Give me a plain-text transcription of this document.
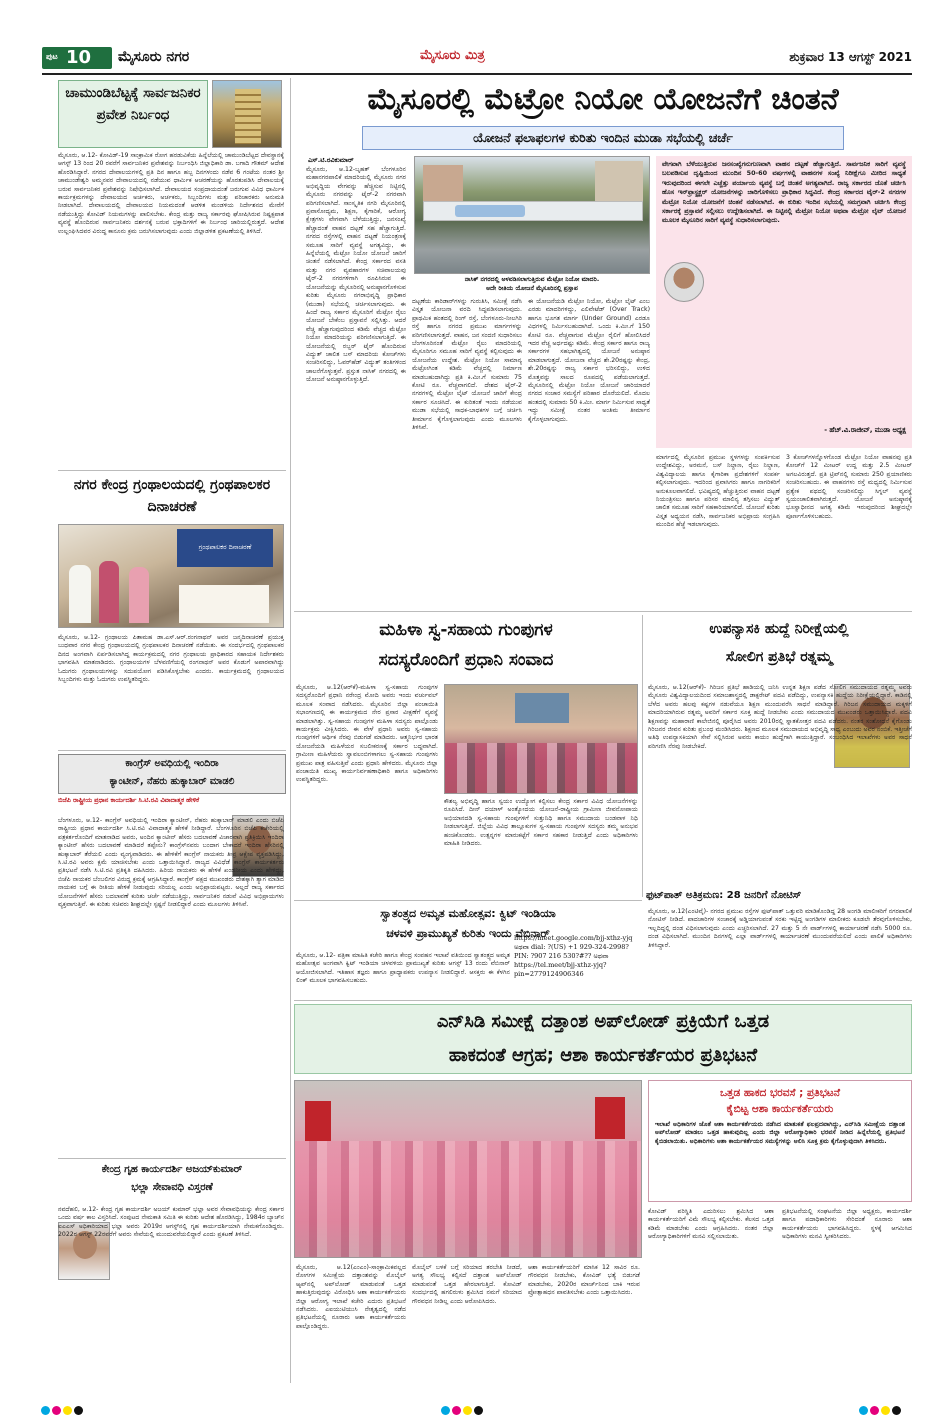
ಪುಟ 10 ಮೈಸೂರು ನಗರ	ಮೈಸೂರು ಮಿತ್ರ	ಶುಕ್ರವಾರ 13 ಆಗಸ್ಟ್ 2021
ಚಾಮುಂಡಿಬೆಟ್ಟಕ್ಕೆ ಸಾರ್ವಜನಿಕರ ಪ್ರವೇಶ ನಿರ್ಬಂಧ
ಮೈಸೂರು, ಆ.12- ಕೋವಿಡ್-19 ಸಾಂಕ್ರಾಮಿಕ ರೋಗ ಹರಡುವಿಕೆಯ ಹಿನ್ನೆಲೆಯಲ್ಲಿ ಚಾಮುಂಡಿಬೆಟ್ಟದ ದೇವಸ್ಥಾನಕ್ಕೆ ಆಗಸ್ಟ್ 13 ರಿಂದ 20 ರವರೆಗೆ ಸಾರ್ವಜನಿಕರ ಪ್ರವೇಶವನ್ನು ನಿರ್ಬಂಧಿಸಿ ಜಿಲ್ಲಾಧಿಕಾರಿ ಡಾ. ಬಗಾದಿ ಗೌತಮ್ ಆದೇಶ ಹೊರಡಿಸಿದ್ದಾರೆ. ನಗರದ ದೇವಾಲಯಗಳಲ್ಲಿ ಪ್ರತಿ ದಿನ ಹಾಗೂ ಹಬ್ಬ ದಿನಗಳಂದು ನಡೆವ 6 ಗಂಟೆಯ ನಂತರ ಶ್ರೀ ಚಾಮುಂಡೇಶ್ವರಿ ಅಮ್ಮನವರ ದೇವಾಲಯದಲ್ಲಿ ನಡೆಯುವ ಧಾರ್ಮಿಕ ಆಚರಣೆಯನ್ನು ಹೊರತುಪಡಿಸಿ ದೇವಾಲಯಕ್ಕೆ ಬರುವ ಸಾರ್ವಜನಿಕರ ಪ್ರವೇಶವನ್ನು ನಿಷೇಧಿಸಲಾಗಿದೆ. ದೇವಾಲಯದ ಸಂಪ್ರದಾಯದಂತೆ ಜರುಗುವ ವಿವಿಧ ಧಾರ್ಮಿಕ ಕಾರ್ಯಕ್ರಮಗಳನ್ನು ದೇವಾಲಯದ ಅರ್ಚಕರು, ಅರ್ಚಕರು, ಸಿಬ್ಬಂದಿಗಳು ಮತ್ತು ಪರಿಚಾರಕರು ಅನುಮತಿ ನೀಡಲಾಗಿದೆ. ದೇವಾಲಯದಲ್ಲಿ ದೇವಾಲಯದ ನಿಯಮದಂತೆ ಆಡಳಿತ ಮಂಡಳಿಯ ನಿರ್ದೇಶನದ ಮೇರೆಗೆ ನಡೆಯುತ್ತಿದ್ದು ಕೋವಿಡ್ ನಿಯಮಗಳನ್ನು ಪಾಲಿಸಬೇಕು. ಕೇಂದ್ರ ಮತ್ತು ರಾಜ್ಯ ಸರ್ಕಾರವು ಘೋಷಿಸಿರುವ ನಿಷ್ಪಕ್ಷಪಾತ ವ್ಯವಸ್ಥೆ ಹೊಂದಿರುವ ಸಾರ್ವಜನಿಕರು ದರ್ಶನಕ್ಕೆ ಬರುವ ಭಕ್ತಾದಿಗಳಿಗೆ ಈ ನಿರ್ಬಂಧ ಜಾರಿಯಲ್ಲಿರುತ್ತದೆ. ಆದೇಶ ಉಲ್ಲಂಘಿಸಿದವರ ವಿರುದ್ಧ ಕಾನೂನು ಕ್ರಮ ಜರುಗಿಸಲಾಗುವುದು ಎಂದು ಜಿಲ್ಲಾಡಳಿತ ಪ್ರಕಟಣೆಯಲ್ಲಿ ತಿಳಿಸಿದೆ.
ನಗರ ಕೇಂದ್ರ ಗ್ರಂಥಾಲಯದಲ್ಲಿ ಗ್ರಂಥಪಾಲಕರ ದಿನಾಚರಣೆ
ಗ್ರಂಥಪಾಲಕರ ದಿನಾಚರಣೆ
ಮೈಸೂರು, ಆ.12- ಗ್ರಂಥಾಲಯ ಪಿತಾಮಹ ಡಾ.ಎಸ್.ಆರ್.ರಂಗನಾಥನ್ ಅವರ ಜನ್ಮದಿನಾಚರಣೆ ಪ್ರಯುಕ್ತ ಬುಧವಾರ ನಗರ ಕೇಂದ್ರ ಗ್ರಂಥಾಲಯದಲ್ಲಿ ಗ್ರಂಥಪಾಲಕರ ದಿನಾಚರಣೆ ನಡೆಯಿತು. ಈ ಸಂದರ್ಭದಲ್ಲಿ ಗ್ರಂಥಪಾಲಕರ ದಿನದ ಅಂಗವಾಗಿ ಏರ್ಪಡಿಸಲಾಗಿದ್ದ ಕಾರ್ಯಕ್ರಮದಲ್ಲಿ ನಗರ ಗ್ರಂಥಾಲಯ ಪ್ರಾಧಿಕಾರದ ಸಹಾಯಕ ನಿರ್ದೇಶಕರು ಭಾಗವಹಿಸಿ ಮಾತನಾಡಿದರು. ಗ್ರಂಥಾಲಯಗಳ ಬೆಳವಣಿಗೆಯಲ್ಲಿ ರಂಗನಾಥನ್ ಅವರ ಕೊಡುಗೆ ಅಪಾರವಾಗಿದ್ದು ಓದುಗರು ಗ್ರಂಥಾಲಯಗಳನ್ನು ಸದುಪಯೋಗ ಪಡಿಸಿಕೊಳ್ಳಬೇಕು ಎಂದರು. ಕಾರ್ಯಕ್ರಮದಲ್ಲಿ ಗ್ರಂಥಾಲಯದ ಸಿಬ್ಬಂದಿಗಳು ಮತ್ತು ಓದುಗರು ಉಪಸ್ಥಿತರಿದ್ದರು.
ಕಾಂಗ್ರೆಸ್ ಅವಧಿಯಲ್ಲಿ ಇಂದಿರಾ
ಕ್ಯಾಂಟೀನ್, ನೆಹರು ಹುಕ್ಕಾಬಾರ್ ಮಾಡಲಿ
ಬಿಜೆಪಿ ರಾಷ್ಟ್ರೀಯ ಪ್ರಧಾನ ಕಾರ್ಯದರ್ಶಿ ಸಿ.ಟಿ.ರವಿ ವಿವಾದಾತ್ಮಕ ಹೇಳಿಕೆ
ಬೆಂಗಳೂರು, ಆ.12- ಕಾಂಗ್ರೆಸ್ ಅವಧಿಯಲ್ಲಿ ಇಂದಿರಾ ಕ್ಯಾಂಟೀನ್, ನೆಹರು ಹುಕ್ಕಾಬಾರ್ ಮಾಡಲಿ ಎಂದು ಬಿಜೆಪಿ ರಾಷ್ಟ್ರೀಯ ಪ್ರಧಾನ ಕಾರ್ಯದರ್ಶಿ ಸಿ.ಟಿ.ರವಿ ವಿವಾದಾತ್ಮಕ ಹೇಳಿಕೆ ನೀಡಿದ್ದಾರೆ. ಬೆಂಗಳೂರಿನ ಬಿಜೆಪಿ ಕಚೇರಿಯಲ್ಲಿ ಪತ್ರಕರ್ತರೊಂದಿಗೆ ಮಾತನಾಡಿದ ಅವರು, ಅಂದಿನ ಕ್ಯಾಂಟೀನ್ ಹೆಸರು ಬದಲಾವಣೆ ವಿಚಾರವಾಗಿ ಪ್ರತಿಕ್ರಿಯಿಸಿ ಇಂದಿರಾ ಕ್ಯಾಂಟೀನ್ ಹೆಸರು ಬದಲಾವಣೆ ಮಾಡಿದರೆ ತಪ್ಪೇನು? ಕಾಂಗ್ರೆಸ್‌ನವರು ಬಂದಾಗ ಬೇಕಾದರೆ ಇಂದಿರಾ ಹೆಸರಿನಲ್ಲಿ ಹುಕ್ಕಾಬಾರ್ ತೆರೆಯಲಿ ಎಂದು ವ್ಯಂಗ್ಯವಾಡಿದರು. ಈ ಹೇಳಿಕೆಗೆ ಕಾಂಗ್ರೆಸ್ ನಾಯಕರು ತೀವ್ರ ಆಕ್ಷೇಪ ವ್ಯಕ್ತಪಡಿಸಿದ್ದು, ಸಿ.ಟಿ.ರವಿ ಅವರು ಕ್ಷಮೆ ಯಾಚಿಸಬೇಕು ಎಂದು ಒತ್ತಾಯಿಸಿದ್ದಾರೆ. ರಾಜ್ಯದ ವಿವಿಧೆಡೆ ಕಾಂಗ್ರೆಸ್ ಕಾರ್ಯಕರ್ತರು ಪ್ರತಿಭಟನೆ ನಡೆಸಿ ಸಿ.ಟಿ.ರವಿ ಪ್ರತಿಕೃತಿ ದಹಿಸಿದರು. ಹಿರಿಯ ನಾಯಕರು ಈ ಹೇಳಿಕೆ ಖಂಡನೀಯ ಎಂದು ಹೇಳಿದ್ದು, ಬಿಜೆಪಿ ನಾಯಕರ ಬೆಂಬಲಿಗರ ವಿರುದ್ಧ ಕ್ರಮಕ್ಕೆ ಆಗ್ರಹಿಸಿದ್ದಾರೆ. ಕಾಂಗ್ರೆಸ್ ಪಕ್ಷದ ಮುಖಂಡರು ದೇಶಕ್ಕಾಗಿ ತ್ಯಾಗ ಮಾಡಿದ ನಾಯಕರ ಬಗ್ಗೆ ಈ ರೀತಿಯ ಹೇಳಿಕೆ ನೀಡುವುದು ಸರಿಯಲ್ಲ ಎಂದು ಅಭಿಪ್ರಾಯಪಟ್ಟರು. ಅಲ್ಲದೆ ರಾಜ್ಯ ಸರ್ಕಾರದ ಯೋಜನೆಗಳಿಗೆ ಹೆಸರು ಬದಲಾವಣೆ ಕುರಿತು ಚರ್ಚೆ ನಡೆಯುತ್ತಿದ್ದು, ಸಾರ್ವಜನಿಕರ ನಡುವೆ ವಿವಿಧ ಅಭಿಪ್ರಾಯಗಳು ವ್ಯಕ್ತವಾಗುತ್ತಿವೆ. ಈ ಕುರಿತು ಸಚಿವರು ಶೀಘ್ರದಲ್ಲೇ ಸ್ಪಷ್ಟನೆ ನೀಡಲಿದ್ದಾರೆ ಎಂದು ಮೂಲಗಳು ತಿಳಿಸಿವೆ.
ಕೇಂದ್ರ ಗೃಹ ಕಾರ್ಯದರ್ಶಿ ಅಜಯ್‌ಕುಮಾರ್
ಭಲ್ಲಾ ಸೇವಾವಧಿ ವಿಸ್ತರಣೆ
ನವದೆಹಲಿ, ಆ.12- ಕೇಂದ್ರ ಗೃಹ ಕಾರ್ಯದರ್ಶಿ ಅಜಯ್ ಕುಮಾರ್ ಭಲ್ಲಾ ಅವರ ಸೇವಾವಧಿಯನ್ನು ಕೇಂದ್ರ ಸರ್ಕಾರ ಒಂದು ವರ್ಷ ಕಾಲ ವಿಸ್ತರಿಸಿದೆ. ಸಂಪುಟದ ನೇಮಕಾತಿ ಸಮಿತಿ ಈ ಕುರಿತು ಆದೇಶ ಹೊರಡಿಸಿದ್ದು, 1984ರ ಬ್ಯಾಚ್‌ನ ಐಎಎಸ್ ಅಧಿಕಾರಿಯಾದ ಭಲ್ಲಾ ಅವರು 2019ರ ಆಗಸ್ಟ್‌ನಲ್ಲಿ ಗೃಹ ಕಾರ್ಯದರ್ಶಿಯಾಗಿ ನೇಮಕಗೊಂಡಿದ್ದರು. 2022ರ ಆಗಸ್ಟ್ 22ರವರೆಗೆ ಅವರು ಸೇವೆಯಲ್ಲಿ ಮುಂದುವರೆಯಲಿದ್ದಾರೆ ಎಂದು ಪ್ರಕಟಣೆ ತಿಳಿಸಿದೆ.
ಮೈಸೂರಲ್ಲಿ ಮೆಟ್ರೋ ನಿಯೋ ಯೋಜನೆಗೆ ಚಿಂತನೆ
ಯೋಜನೆ ಫಲಾಫಲಗಳ ಕುರಿತು ಇಂದಿನ ಮುಡಾ ಸಭೆಯಲ್ಲಿ ಚರ್ಚೆ
ಎಸ್.ಟಿ.ರವಿಕುಮಾರ್
ಮೈಸೂರು, ಆ.12-ಬೃಹತ್ ಬೆಂಗಳೂರಿನ ಮಹಾನಗರಪಾಲಿಕೆ ಮಾದರಿಯಲ್ಲಿ ಮೈಸೂರು ನಗರ ಅಭಿವೃದ್ಧಿಯ ವೇಗವನ್ನು ಹೆಚ್ಚಿಸುವ ನಿಟ್ಟಿನಲ್ಲಿ ಮೈಸೂರು ನಗರವನ್ನು ಟೈರ್-2 ನಗರವಾಗಿ ಪರಿಗಣಿಸಲಾಗಿದೆ. ಸಾಂಸ್ಕೃತಿಕ ನಗರಿ ಮೈಸೂರಿನಲ್ಲಿ ಪ್ರವಾಸೋದ್ಯಮ, ಶಿಕ್ಷಣ, ಕೈಗಾರಿಕೆ, ಆರೋಗ್ಯ ಕ್ಷೇತ್ರಗಳು ವೇಗವಾಗಿ ಬೆಳೆಯುತ್ತಿದ್ದು, ಜನಸಂಖ್ಯೆ ಹೆಚ್ಚಾದಂತೆ ವಾಹನ ದಟ್ಟಣೆ ಸಹ ಹೆಚ್ಚಾಗುತ್ತಿದೆ. ನಗರದ ರಸ್ತೆಗಳಲ್ಲಿ ವಾಹನ ದಟ್ಟಣೆ ನಿಯಂತ್ರಣಕ್ಕೆ ಸಮೂಹ ಸಾರಿಗೆ ವ್ಯವಸ್ಥೆ ಅಗತ್ಯವಿದ್ದು, ಈ ಹಿನ್ನೆಲೆಯಲ್ಲಿ ಮೆಟ್ರೋ ನಿಯೋ ಯೋಜನೆ ಜಾರಿಗೆ ಚಿಂತನೆ ನಡೆಸಲಾಗಿದೆ. ಕೇಂದ್ರ ಸರ್ಕಾರದ ವಸತಿ ಮತ್ತು ನಗರ ವ್ಯವಹಾರಗಳ ಸಚಿವಾಲಯವು ಟೈರ್-2 ನಗರಗಳಿಗಾಗಿ ರೂಪಿಸಿರುವ ಈ ಯೋಜನೆಯನ್ನು ಮೈಸೂರಿನಲ್ಲಿ ಅನುಷ್ಠಾನಗೊಳಿಸುವ ಕುರಿತು ಮೈಸೂರು ನಗರಾಭಿವೃದ್ಧಿ ಪ್ರಾಧಿಕಾರ (ಮುಡಾ) ಸಭೆಯಲ್ಲಿ ಚರ್ಚಿಸಲಾಗುವುದು. ಈ ಹಿಂದೆ ರಾಜ್ಯ ಸರ್ಕಾರ ಮೈಸೂರಿಗೆ ಮೆಟ್ರೋ ರೈಲು ಯೋಜನೆ ಬೇಕೆಂಬ ಪ್ರಸ್ತಾವನೆ ಸಲ್ಲಿಸಿತ್ತು. ಆದರೆ ವೆಚ್ಚ ಹೆಚ್ಚಾಗುವುದರಿಂದ ಕಡಿಮೆ ವೆಚ್ಚದ ಮೆಟ್ರೋ ನಿಯೋ ಮಾದರಿಯನ್ನು ಪರಿಗಣಿಸಲಾಗುತ್ತಿದೆ. ಈ ಯೋಜನೆಯಲ್ಲಿ ರಬ್ಬರ್ ಟೈರ್ ಹೊಂದಿರುವ ವಿದ್ಯುತ್ ಚಾಲಿತ ಬಸ್ ಮಾದರಿಯ ಕೋಚ್‌ಗಳು ಸಂಚರಿಸಲಿದ್ದು, ಓವರ್‌ಹೆಡ್ ವಿದ್ಯುತ್ ತಂತಿಗಳಿಂದ ಚಾಲನೆಗೊಳ್ಳುತ್ತವೆ. ಪ್ರಸ್ತುತ ನಾಸಿಕ್ ನಗರದಲ್ಲಿ ಈ ಯೋಜನೆ ಅನುಷ್ಠಾನಗೊಳ್ಳುತ್ತಿದೆ.
ನಾಸಿಕ್ ನಗರದಲ್ಲಿ ಅಳವಡಿಸಲಾಗುತ್ತಿರುವ ಮೆಟ್ರೋ ನಿಯೋ ಮಾದರಿ.
ಅದೇ ರೀತಿಯ ಯೋಜನೆ ಮೈಸೂರಿನಲ್ಲಿ ಪ್ರಸ್ತಾಪ
ದಟ್ಟಣೆಯ ಕಾರಿಡಾರ್‌ಗಳನ್ನು ಗುರುತಿಸಿ, ಸಮೀಕ್ಷೆ ನಡೆಸಿ ವಿಸ್ತೃತ ಯೋಜನಾ ವರದಿ ಸಿದ್ಧಪಡಿಸಲಾಗುವುದು. ಪ್ರಾಥಮಿಕ ಹಂತದಲ್ಲಿ ರಿಂಗ್ ರಸ್ತೆ, ಬೆಂಗಳೂರು-ನೀಲಗಿರಿ ರಸ್ತೆ ಹಾಗೂ ನಗರದ ಪ್ರಮುಖ ಮಾರ್ಗಗಳನ್ನು ಪರಿಗಣಿಸಲಾಗುತ್ತದೆ. ವಾಹನ, ಜನ ಸಂದಣಿ ಸುಧಾರಿಸಲು ಬೆಂಗಳೂರಿನಂತೆ ಮೆಟ್ರೋ ರೈಲು ಮಾದರಿಯಲ್ಲಿ ಮೈಸೂರಿಗೂ ಸಮೂಹ ಸಾರಿಗೆ ವ್ಯವಸ್ಥೆ ಕಲ್ಪಿಸುವುದು ಈ ಯೋಜನೆಯ ಉದ್ದೇಶ. ಮೆಟ್ರೋ ನಿಯೋ ಸಾಮಾನ್ಯ ಮೆಟ್ರೋಗಿಂತ ಕಡಿಮೆ ವೆಚ್ಚದಲ್ಲಿ ನಿರ್ಮಾಣ ಮಾಡಬಹುದಾಗಿದ್ದು ಪ್ರತಿ ಕಿ.ಮೀ.ಗೆ ಸುಮಾರು 75 ಕೋಟಿ ರೂ. ವೆಚ್ಚವಾಗಲಿದೆ. ದೇಶದ ಟೈರ್-2 ನಗರಗಳಲ್ಲಿ ಮೆಟ್ರೋ ಲೈಟ್ ಯೋಜನೆ ಜಾರಿಗೆ ಕೇಂದ್ರ ಸರ್ಕಾರ ಸೂಚಿಸಿದೆ. ಈ ಕುರಿತಂತೆ ಇಂದು ನಡೆಯುವ ಮುಡಾ ಸಭೆಯಲ್ಲಿ ಸಾಧಕ-ಬಾಧಕಗಳ ಬಗ್ಗೆ ಚರ್ಚಿಸಿ ತೀರ್ಮಾನ ಕೈಗೊಳ್ಳಲಾಗುವುದು ಎಂದು ಮೂಲಗಳು ತಿಳಿಸಿವೆ.
ಈ ಯೋಜನೆಯಡಿ ಮೆಟ್ರೋ ನಿಯೋ, ಮೆಟ್ರೋ ಲೈಟ್ ಎಂಬ ಎರಡು ಮಾದರಿಗಳಿದ್ದು, ಎಲಿವೇಟೆಡ್ (Over Track) ಹಾಗೂ ಭೂಗತ ಮಾರ್ಗ (Under Ground) ಎರಡೂ ವಿಧಗಳಲ್ಲಿ ನಿರ್ಮಿಸಬಹುದಾಗಿದೆ. ಒಂದು ಕಿ.ಮೀ.ಗೆ 150 ಕೋಟಿ ರೂ. ವೆಚ್ಚವಾಗುವ ಮೆಟ್ರೋ ರೈಲಿಗೆ ಹೋಲಿಸಿದರೆ ಇದರ ವೆಚ್ಚ ಅರ್ಧದಷ್ಟು ಕಡಿಮೆ. ಕೇಂದ್ರ ಸರ್ಕಾರ ಹಾಗೂ ರಾಜ್ಯ ಸರ್ಕಾರಗಳ ಸಹಭಾಗಿತ್ವದಲ್ಲಿ ಯೋಜನೆ ಅನುಷ್ಠಾನ ಮಾಡಲಾಗುತ್ತದೆ. ಯೋಜನಾ ವೆಚ್ಚದ ಶೇ.20ರಷ್ಟನ್ನು ಕೇಂದ್ರ, ಶೇ.20ರಷ್ಟನ್ನು ರಾಜ್ಯ ಸರ್ಕಾರ ಭರಿಸಲಿದ್ದು, ಉಳಿದ ಮೊತ್ತವನ್ನು ಸಾಲದ ರೂಪದಲ್ಲಿ ಪಡೆಯಲಾಗುತ್ತದೆ. ಮೈಸೂರಿನಲ್ಲಿ ಮೆಟ್ರೋ ನಿಯೋ ಯೋಜನೆ ಜಾರಿಯಾದರೆ ನಗರದ ಸಂಚಾರ ಸಮಸ್ಯೆಗೆ ಪರಿಹಾರ ದೊರೆಯಲಿದೆ. ಮೊದಲ ಹಂತದಲ್ಲಿ ಸುಮಾರು 50 ಕಿ.ಮೀ. ಮಾರ್ಗ ನಿರ್ಮಿಸುವ ಸಾಧ್ಯತೆ ಇದ್ದು ಸಮೀಕ್ಷೆ ನಂತರ ಅಂತಿಮ ತೀರ್ಮಾನ ಕೈಗೊಳ್ಳಲಾಗುವುದು.
ವೇಗವಾಗಿ ಬೆಳೆಯುತ್ತಿರುವ ಜನಸಂಖ್ಯೆಗನುಗುಣವಾಗಿ ವಾಹನ ದಟ್ಟಣೆ ಹೆಚ್ಚಾಗುತ್ತಿದೆ. ಸಾರ್ವಜನಿಕ ಸಾರಿಗೆ ವ್ಯವಸ್ಥೆ ಬಲಪಡಿಸುವ ದೃಷ್ಟಿಯಿಂದ ಮುಂದಿನ 50-60 ವರ್ಷಗಳಲ್ಲಿ ವಾಹನಗಳ ಸಂಖ್ಯೆ ನಿರೀಕ್ಷೆಗೂ ಮೀರಿದ ಸಾಧ್ಯತೆ ಇರುವುದರಿಂದ ಈಗಲೇ ಎಚ್ಚೆತ್ತು ಪರ್ಯಾಯ ವ್ಯವಸ್ಥೆ ಬಗ್ಗೆ ಚಿಂತನೆ ಅಗತ್ಯವಾಗಿದೆ. ರಾಜ್ಯ ಸರ್ಕಾರದ ಜೊತೆ ಚರ್ಚಿಸಿ ಹೊಸ ಇನ್‌ಫ್ರಾಸ್ಟ್ರಕ್ಚರ್ ಯೋಜನೆಗಳನ್ನು ಜಾರಿಗೊಳಿಸಲು ಪ್ರಾಧಿಕಾರ ಸಿದ್ಧವಿದೆ. ಕೇಂದ್ರ ಸರ್ಕಾರದ ಟೈರ್-2 ನಗರಗಳ ಮೆಟ್ರೋ ನಿಯೋ ಯೋಜನೆಗೆ ಚಿಂತನೆ ನಡೆಸಲಾಗಿದೆ. ಈ ಕುರಿತು ಇಂದಿನ ಸಭೆಯಲ್ಲಿ ಸಮಗ್ರವಾಗಿ ಚರ್ಚಿಸಿ ಕೇಂದ್ರ ಸರ್ಕಾರಕ್ಕೆ ಪ್ರಸ್ತಾವನೆ ಸಲ್ಲಿಸಲು ಉದ್ದೇಶಿಸಲಾಗಿದೆ. ಈ ನಿಟ್ಟಿನಲ್ಲಿ ಮೆಟ್ರೋ ನಿಯೋ ಅಥವಾ ಮೆಟ್ರೋ ಲೈಟ್ ಯೋಜನೆ ಮೂಲಕ ಮೈಸೂರಿನ ಸಾರಿಗೆ ವ್ಯವಸ್ಥೆ ಸುಧಾರಿಸಲಾಗುವುದು.
- ಹೆಚ್.ವಿ.ರಾಜೀವ್, ಮುಡಾ ಅಧ್ಯಕ್ಷ
ಮಾರ್ಗದಲ್ಲಿ ಮೈಸೂರಿನ ಪ್ರಮುಖ ಸ್ಥಳಗಳನ್ನು ಸಂಪರ್ಕಿಸುವ ಉದ್ದೇಶವಿದ್ದು, ಅರಮನೆ, ಬಸ್ ನಿಲ್ದಾಣ, ರೈಲು ನಿಲ್ದಾಣ, ವಿಶ್ವವಿದ್ಯಾಲಯ ಹಾಗೂ ಕೈಗಾರಿಕಾ ಪ್ರದೇಶಗಳಿಗೆ ಸಂಪರ್ಕ ಕಲ್ಪಿಸಲಾಗುವುದು. ಇದರಿಂದ ಪ್ರವಾಸಿಗರು ಹಾಗೂ ನಾಗರಿಕರಿಗೆ ಅನುಕೂಲವಾಗಲಿದೆ. ಭವಿಷ್ಯದಲ್ಲಿ ಹೆಚ್ಚುತ್ತಿರುವ ವಾಹನ ದಟ್ಟಣೆ ನಿಯಂತ್ರಿಸಲು ಹಾಗೂ ಪರಿಸರ ಮಾಲಿನ್ಯ ತಗ್ಗಿಸಲು ವಿದ್ಯುತ್ ಚಾಲಿತ ಸಮೂಹ ಸಾರಿಗೆ ಸಹಕಾರಿಯಾಗಲಿದೆ. ಯೋಜನೆ ಕುರಿತು ವಿಸ್ತೃತ ಅಧ್ಯಯನ ನಡೆಸಿ, ಸಾರ್ವಜನಿಕರ ಅಭಿಪ್ರಾಯ ಸಂಗ್ರಹಿಸಿ ಮುಂದಿನ ಹೆಜ್ಜೆ ಇಡಲಾಗುವುದು.
3 ಕೋಚ್‌ಗಳನ್ನೊಳಗೊಂಡ ಮೆಟ್ರೋ ನಿಯೋ ವಾಹನವು ಪ್ರತಿ ಕೋಚ್‌ಗೆ 12 ಮೀಟರ್ ಉದ್ದ ಮತ್ತು 2.5 ಮೀಟರ್ ಅಗಲವಿರುತ್ತದೆ. ಪ್ರತಿ ಟ್ರಿಪ್‌ನಲ್ಲಿ ಸುಮಾರು 250 ಪ್ರಯಾಣಿಕರು ಸಂಚರಿಸಬಹುದು. ಈ ವಾಹನಗಳು ರಸ್ತೆ ಮಧ್ಯದಲ್ಲಿ ನಿರ್ಮಿಸುವ ಪ್ರತ್ಯೇಕ ಪಥದಲ್ಲಿ ಸಂಚರಿಸಲಿದ್ದು ಸಿಗ್ನಲ್ ವ್ಯವಸ್ಥೆ ಸ್ವಯಂಚಾಲಿತವಾಗಿರುತ್ತದೆ. ಯೋಜನೆ ಅನುಷ್ಠಾನಕ್ಕೆ ಭೂಸ್ವಾಧೀನದ ಅಗತ್ಯ ಕಡಿಮೆ ಇರುವುದರಿಂದ ಶೀಘ್ರದಲ್ಲೇ ಪೂರ್ಣಗೊಳಿಸಬಹುದು.
ಮಹಿಳಾ ಸ್ವ-ಸಹಾಯ ಗುಂಪುಗಳ
ಸದಸ್ಯರೊಂದಿಗೆ ಪ್ರಧಾನಿ ಸಂವಾದ
ಮೈಸೂರು, ಆ.12(ಆರ್‌ಕೆ)-ಮಹಿಳಾ ಸ್ವ-ಸಹಾಯ ಗುಂಪುಗಳ ಸದಸ್ಯರೊಂದಿಗೆ ಪ್ರಧಾನಿ ನರೇಂದ್ರ ಮೋದಿ ಅವರು ಇಂದು ವರ್ಚುವಲ್ ಮೂಲಕ ಸಂವಾದ ನಡೆಸಿದರು. ಮೈಸೂರಿನ ಜಿಲ್ಲಾ ಪಂಚಾಯಿತಿ ಸಭಾಂಗಣದಲ್ಲಿ ಈ ಕಾರ್ಯಕ್ರಮದ ನೇರ ಪ್ರಸಾರ ವೀಕ್ಷಣೆಗೆ ವ್ಯವಸ್ಥೆ ಮಾಡಲಾಗಿತ್ತು. ಸ್ವ-ಸಹಾಯ ಗುಂಪುಗಳ ಮಹಿಳಾ ಸದಸ್ಯರು ಪಾಲ್ಗೊಂಡು ಕಾರ್ಯಕ್ರಮ ವೀಕ್ಷಿಸಿದರು. ಈ ವೇಳೆ ಪ್ರಧಾನಿ ಅವರು ಸ್ವ-ಸಹಾಯ ಗುಂಪುಗಳಿಗೆ ಆರ್ಥಿಕ ನೆರವು ಬಿಡುಗಡೆ ಮಾಡಿದರು. ಆತ್ಮನಿರ್ಭರ ಭಾರತ ಯೋಜನೆಯಡಿ ಮಹಿಳೆಯರ ಸಬಲೀಕರಣಕ್ಕೆ ಸರ್ಕಾರ ಬದ್ಧವಾಗಿದೆ. ಗ್ರಾಮೀಣ ಮಹಿಳೆಯರು ಸ್ವಾವಲಂಬಿಗಳಾಗಲು ಸ್ವ-ಸಹಾಯ ಗುಂಪುಗಳು ಪ್ರಮುಖ ಪಾತ್ರ ವಹಿಸುತ್ತಿವೆ ಎಂದು ಪ್ರಧಾನಿ ಹೇಳಿದರು. ಮೈಸೂರು ಜಿಲ್ಲಾ ಪಂಚಾಯಿತಿ ಮುಖ್ಯ ಕಾರ್ಯನಿರ್ವಹಣಾಧಿಕಾರಿ ಹಾಗೂ ಅಧಿಕಾರಿಗಳು ಉಪಸ್ಥಿತರಿದ್ದರು.
ಕೌಶಲ್ಯ ಅಭಿವೃದ್ಧಿ ಹಾಗೂ ಸ್ವಯಂ ಉದ್ಯೋಗ ಕಲ್ಪಿಸಲು ಕೇಂದ್ರ ಸರ್ಕಾರ ವಿವಿಧ ಯೋಜನೆಗಳನ್ನು ರೂಪಿಸಿದೆ. ದೀನ್ ದಯಾಳ್ ಅಂತ್ಯೋದಯ ಯೋಜನೆ-ರಾಷ್ಟ್ರೀಯ ಗ್ರಾಮೀಣ ಜೀವನೋಪಾಯ ಅಭಿಯಾನದಡಿ ಸ್ವ-ಸಹಾಯ ಗುಂಪುಗಳಿಗೆ ಸುತ್ತುನಿಧಿ ಹಾಗೂ ಸಮುದಾಯ ಬಂಡವಾಳ ನಿಧಿ ನೀಡಲಾಗುತ್ತಿದೆ. ಜಿಲ್ಲೆಯ ವಿವಿಧ ತಾಲ್ಲೂಕುಗಳ ಸ್ವ-ಸಹಾಯ ಗುಂಪುಗಳ ಸದಸ್ಯರು ತಮ್ಮ ಅನುಭವ ಹಂಚಿಕೊಂಡರು. ಉತ್ಪನ್ನಗಳ ಮಾರುಕಟ್ಟೆಗೆ ಸರ್ಕಾರ ಸಹಕಾರ ನೀಡುತ್ತಿದೆ ಎಂದು ಅಧಿಕಾರಿಗಳು ಮಾಹಿತಿ ನೀಡಿದರು.
ಉಪನ್ಯಾಸಕಿ ಹುದ್ದೆ ನಿರೀಕ್ಷೆಯಲ್ಲಿ
ಸೋಲಿಗ ಪ್ರತಿಭೆ ರತ್ನಮ್ಮ
ಮೈಸೂರು, ಆ.12(ಆರ್‌ಕೆ)- ಗಿರಿಜನ ಪ್ರತಿಭೆ ಹಾಡಿಯಲ್ಲಿ ಜನಿಸಿ ಉನ್ನತ ಶಿಕ್ಷಣ ಪಡೆದ ಸೋಲಿಗ ಸಮುದಾಯದ ರತ್ನಮ್ಮ ಅವರು ಮೈಸೂರು ವಿಶ್ವವಿದ್ಯಾಲಯದಿಂದ ಸಮಾಜಶಾಸ್ತ್ರದಲ್ಲಿ ಡಾಕ್ಟರೇಟ್ ಪದವಿ ಪಡೆದಿದ್ದು, ಉಪನ್ಯಾಸಕಿ ಹುದ್ದೆಯ ನಿರೀಕ್ಷೆಯಲ್ಲಿದ್ದಾರೆ. ಕಾಡಿನಲ್ಲಿ ಬೆಳೆದ ಅವರು ಹಲವು ಕಷ್ಟಗಳ ನಡುವೆಯೂ ಶಿಕ್ಷಣ ಮುಂದುವರೆಸಿ ಸಾಧನೆ ಮಾಡಿದ್ದಾರೆ. ಗಿರಿಜನ ಸಮುದಾಯದ ಮಕ್ಕಳಿಗೆ ಮಾದರಿಯಾಗಿರುವ ರತ್ನಮ್ಮ ಅವರಿಗೆ ಸರ್ಕಾರ ಸೂಕ್ತ ಹುದ್ದೆ ನೀಡಬೇಕು ಎಂದು ಸಮುದಾಯದ ಮುಖಂಡರು ಒತ್ತಾಯಿಸಿದ್ದಾರೆ. ಪದವಿ ಶಿಕ್ಷಣವನ್ನು ಮಹಾರಾಣಿ ಕಾಲೇಜಿನಲ್ಲಿ ಪೂರೈಸಿದ ಅವರು 2010ರಲ್ಲಿ ಸ್ನಾತಕೋತ್ತರ ಪದವಿ ಪಡೆದರು. ನಂತರ ಸಂಶೋಧನೆ ಕೈಗೊಂಡು ಗಿರಿಜನರ ಜೀವನ ಕುರಿತು ಪ್ರಬಂಧ ಮಂಡಿಸಿದರು. ಶಿಕ್ಷಣದ ಮೂಲಕ ಸಮುದಾಯದ ಅಭಿವೃದ್ಧಿ ಸಾಧ್ಯ ಎಂಬುದು ಅವರ ನಂಬಿಕೆ. ಇತ್ತೀಚೆಗೆ ಅತಿಥಿ ಉಪನ್ಯಾಸಕಿಯಾಗಿ ಸೇವೆ ಸಲ್ಲಿಸಿರುವ ಅವರು ಕಾಯಂ ಹುದ್ದೆಗಾಗಿ ಕಾಯುತ್ತಿದ್ದಾರೆ. ಸಂಬಂಧಿಸಿದ ಇಲಾಖೆಗಳು ಅವರ ಸಾಧನೆ ಪರಿಗಣಿಸಿ ನೆರವು ನೀಡಬೇಕಿದೆ.
ಫುಟ್‌ಪಾತ್ ಅತಿಕ್ರಮಣ: 28 ಜನರಿಗೆ ನೋಟಿಸ್
ಮೈಸೂರು, ಆ.12(ಎಂಟಿವೈ)- ನಗರದ ಪ್ರಮುಖ ರಸ್ತೆಗಳ ಫುಟ್‌ಪಾತ್ ಒತ್ತುವರಿ ಮಾಡಿಕೊಂಡಿದ್ದ 28 ಅಂಗಡಿ ಮಾಲೀಕರಿಗೆ ನಗರಪಾಲಿಕೆ ನೋಟಿಸ್ ನೀಡಿದೆ. ಪಾದಚಾರಿಗಳ ಸಂಚಾರಕ್ಕೆ ಅಡ್ಡಿಯಾಗುವಂತೆ ಸರಕು ಇಟ್ಟಿದ್ದ ಅಂಗಡಿಗಳ ಮಾಲೀಕರು ಕೂಡಲೇ ತೆರವುಗೊಳಿಸಬೇಕು, ಇಲ್ಲದಿದ್ದಲ್ಲಿ ದಂಡ ವಿಧಿಸಲಾಗುವುದು ಎಂದು ಎಚ್ಚರಿಸಲಾಗಿದೆ. 27 ಮತ್ತು 5 ನೇ ವಾರ್ಡ್‌ಗಳಲ್ಲಿ ಕಾರ್ಯಾಚರಣೆ ನಡೆಸಿ 5000 ರೂ. ದಂಡ ವಿಧಿಸಲಾಗಿದೆ. ಮುಂದಿನ ದಿನಗಳಲ್ಲಿ ಎಲ್ಲಾ ವಾರ್ಡ್‌ಗಳಲ್ಲಿ ಕಾರ್ಯಾಚರಣೆ ಮುಂದುವರೆಯಲಿದೆ ಎಂದು ಪಾಲಿಕೆ ಅಧಿಕಾರಿಗಳು ತಿಳಿಸಿದ್ದಾರೆ.
ಸ್ವಾತಂತ್ರ್ಯದ ಅಮೃತ ಮಹೋತ್ಸವ: ಕ್ವಿಟ್ ಇಂಡಿಯಾ
ಚಳವಳಿ ಪ್ರಾಮುಖ್ಯತೆ ಕುರಿತು ಇಂದು ವೆಬಿನಾರ್
ಮೈಸೂರು, ಆ.12- ಪತ್ರಿಕಾ ಮಾಹಿತಿ ಕಚೇರಿ ಹಾಗೂ ಕೇಂದ್ರ ಸಂವಹನ ಇಲಾಖೆ ವತಿಯಿಂದ ಸ್ವಾತಂತ್ರ್ಯದ ಅಮೃತ ಮಹೋತ್ಸವ ಅಂಗವಾಗಿ ಕ್ವಿಟ್ ಇಂಡಿಯಾ ಚಳವಳಿಯ ಪ್ರಾಮುಖ್ಯತೆ ಕುರಿತು ಆಗಸ್ಟ್ 13 ರಂದು ವೆಬಿನಾರ್ ಆಯೋಜಿಸಲಾಗಿದೆ. ಇತಿಹಾಸ ತಜ್ಞರು ಹಾಗೂ ಪ್ರಾಧ್ಯಾಪಕರು ಉಪನ್ಯಾಸ ನೀಡಲಿದ್ದಾರೆ. ಆಸಕ್ತರು ಈ ಕೆಳಗಿನ ಲಿಂಕ್ ಮೂಲಕ ಭಾಗವಹಿಸಬಹುದು.
https://meet.google.com/bjj-xthz-yjq ಅಥವಾ dial: ?(US) +1 929-324-2998? PIN: ?907 216 530?#?? ಅಥವಾ https://tel.meet/bjj-xthz-yjq?pin=2779124906346
ಎನ್‌ಸಿಡಿ ಸಮೀಕ್ಷೆ ದತ್ತಾಂಶ ಅಪ್‌ಲೋಡ್ ಪ್ರಕ್ರಿಯೆಗೆ ಒತ್ತಡ
ಹಾಕದಂತೆ ಆಗ್ರಹ; ಆಶಾ ಕಾರ್ಯಕರ್ತೆಯರ ಪ್ರತಿಭಟನೆ
ಒತ್ತಡ ಹಾಕದ ಭರವಸೆ ; ಪ್ರತಿಭಟನೆ
ಕೈಬಿಟ್ಟ ಆಶಾ ಕಾರ್ಯಕರ್ತೆಯರು
ಇಲಾಖೆ ಅಧಿಕಾರಿಗಳ ಜೊತೆ ಆಶಾ ಕಾರ್ಯಕರ್ತೆಯರು ನಡೆಸಿದ ಮಾತುಕತೆ ಫಲಪ್ರದವಾಗಿದ್ದು, ಎನ್‌ಸಿಡಿ ಸಮೀಕ್ಷೆಯ ದತ್ತಾಂಶ ಅಪ್‌ಲೋಡ್ ಮಾಡಲು ಒತ್ತಡ ಹಾಕುವುದಿಲ್ಲ ಎಂದು ಜಿಲ್ಲಾ ಆರೋಗ್ಯಾಧಿಕಾರಿ ಭರವಸೆ ನೀಡಿದ ಹಿನ್ನೆಲೆಯಲ್ಲಿ ಪ್ರತಿಭಟನೆ ಕೈಬಿಡಲಾಯಿತು. ಅಧಿಕಾರಿಗಳು ಆಶಾ ಕಾರ್ಯಕರ್ತೆಯರ ಸಮಸ್ಯೆಗಳನ್ನು ಆಲಿಸಿ ಸೂಕ್ತ ಕ್ರಮ ಕೈಗೊಳ್ಳುವುದಾಗಿ ತಿಳಿಸಿದರು.
ಕೋವಿಡ್ ಪರಿಸ್ಥಿತಿ ಎದುರಿಸಲು ಶ್ರಮಿಸಿದ ಆಶಾ ಕಾರ್ಯಕರ್ತೆಯರಿಗೆ ವಿಮೆ ಸೌಲಭ್ಯ ಕಲ್ಪಿಸಬೇಕು. ಕೆಲಸದ ಒತ್ತಡ ಕಡಿಮೆ ಮಾಡಬೇಕು ಎಂದು ಆಗ್ರಹಿಸಿದರು. ನಂತರ ಜಿಲ್ಲಾ ಆರೋಗ್ಯಾಧಿಕಾರಿಗಳಿಗೆ ಮನವಿ ಸಲ್ಲಿಸಲಾಯಿತು.
ಪ್ರತಿಭಟನೆಯಲ್ಲಿ ಸಂಘಟನೆಯ ಜಿಲ್ಲಾ ಅಧ್ಯಕ್ಷರು, ಕಾರ್ಯದರ್ಶಿ ಹಾಗೂ ಪದಾಧಿಕಾರಿಗಳು ಸೇರಿದಂತೆ ನೂರಾರು ಆಶಾ ಕಾರ್ಯಕರ್ತೆಯರು ಭಾಗವಹಿಸಿದ್ದರು. ಸ್ಥಳಕ್ಕೆ ಆಗಮಿಸಿದ ಅಧಿಕಾರಿಗಳು ಮನವಿ ಸ್ವೀಕರಿಸಿದರು.
ಮೈಸೂರು, ಆ.12(ಎಂಎಂ)-ಸಾಂಕ್ರಾಮಿಕವಲ್ಲದ ರೋಗಗಳ ಸಮೀಕ್ಷೆಯ ದತ್ತಾಂಶವನ್ನು ಮೊಬೈಲ್ ಆ್ಯಪ್‌ನಲ್ಲಿ ಅಪ್‌ಲೋಡ್ ಮಾಡುವಂತೆ ಒತ್ತಡ ಹಾಕುತ್ತಿರುವುದನ್ನು ವಿರೋಧಿಸಿ ಆಶಾ ಕಾರ್ಯಕರ್ತೆಯರು ಜಿಲ್ಲಾ ಆರೋಗ್ಯ ಇಲಾಖೆ ಕಚೇರಿ ಎದುರು ಪ್ರತಿಭಟನೆ ನಡೆಸಿದರು. ಎಐಯುಟಿಯುಸಿ ನೇತೃತ್ವದಲ್ಲಿ ನಡೆದ ಪ್ರತಿಭಟನೆಯಲ್ಲಿ ನೂರಾರು ಆಶಾ ಕಾರ್ಯಕರ್ತೆಯರು ಪಾಲ್ಗೊಂಡಿದ್ದರು.
ಮೊಬೈಲ್ ಬಳಕೆ ಬಗ್ಗೆ ಸರಿಯಾದ ತರಬೇತಿ ನೀಡದೆ, ಅಗತ್ಯ ಸೌಲಭ್ಯ ಕಲ್ಪಿಸದೆ ದತ್ತಾಂಶ ಅಪ್‌ಲೋಡ್ ಮಾಡುವಂತೆ ಒತ್ತಡ ಹೇರಲಾಗುತ್ತಿದೆ. ಕೋವಿಡ್ ಸಂದರ್ಭದಲ್ಲಿ ಹಗಲಿರುಳು ಶ್ರಮಿಸಿದ ನಮಗೆ ಸರಿಯಾದ ಗೌರವಧನ ನೀಡಿಲ್ಲ ಎಂದು ಆರೋಪಿಸಿದರು.
ಆಶಾ ಕಾರ್ಯಕರ್ತೆಯರಿಗೆ ಮಾಸಿಕ 12 ಸಾವಿರ ರೂ. ಗೌರವಧನ ನೀಡಬೇಕು, ಕೋವಿಡ್ ಭತ್ಯೆ ಬಿಡುಗಡೆ ಮಾಡಬೇಕು, 2020ರ ಮಾರ್ಚ್‌ನಿಂದ ಬಾಕಿ ಇರುವ ಪ್ರೋತ್ಸಾಹಧನ ಪಾವತಿಸಬೇಕು ಎಂದು ಒತ್ತಾಯಿಸಿದರು.
